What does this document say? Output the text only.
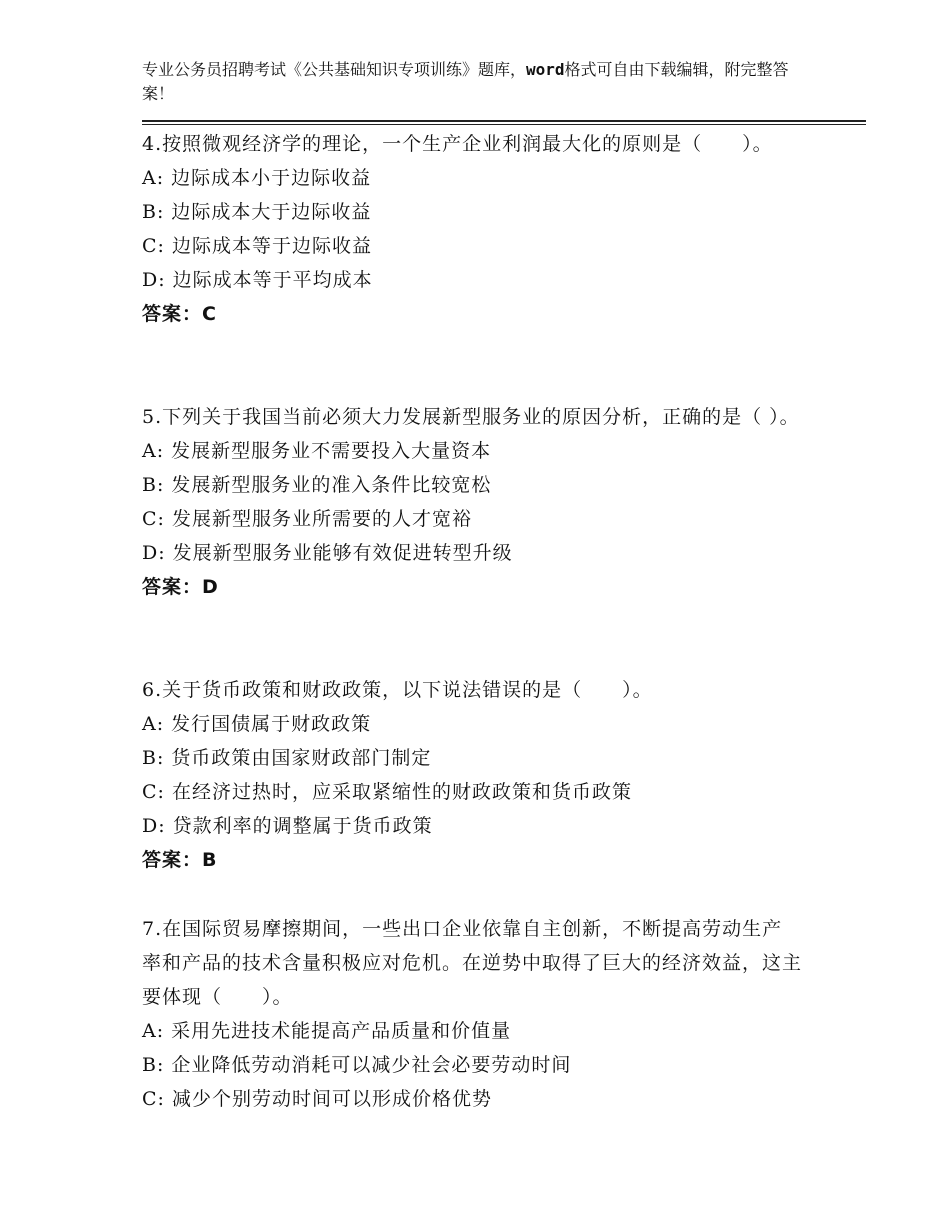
专业公务员招聘考试《公共基础知识专项训练》题库，word格式可自由下载编辑，附完整答案！
4.按照微观经济学的理论，一个生产企业利润最大化的原则是（　　）。
A: 边际成本小于边际收益
B: 边际成本大于边际收益
C: 边际成本等于边际收益
D: 边际成本等于平均成本
答案：C
5.下列关于我国当前必须大力发展新型服务业的原因分析，正确的是（ ）。
A: 发展新型服务业不需要投入大量资本
B: 发展新型服务业的准入条件比较宽松
C: 发展新型服务业所需要的人才宽裕
D: 发展新型服务业能够有效促进转型升级
答案：D
6.关于货币政策和财政政策，以下说法错误的是（　　）。
A: 发行国债属于财政政策
B: 货币政策由国家财政部门制定
C: 在经济过热时，应采取紧缩性的财政政策和货币政策
D: 贷款利率的调整属于货币政策
答案：B
7.在国际贸易摩擦期间，一些出口企业依靠自主创新，不断提高劳动生产率和产品的技术含量积极应对危机。在逆势中取得了巨大的经济效益，这主要体现（　　）。
A: 采用先进技术能提高产品质量和价值量
B: 企业降低劳动消耗可以减少社会必要劳动时间
C: 减少个别劳动时间可以形成价格优势
